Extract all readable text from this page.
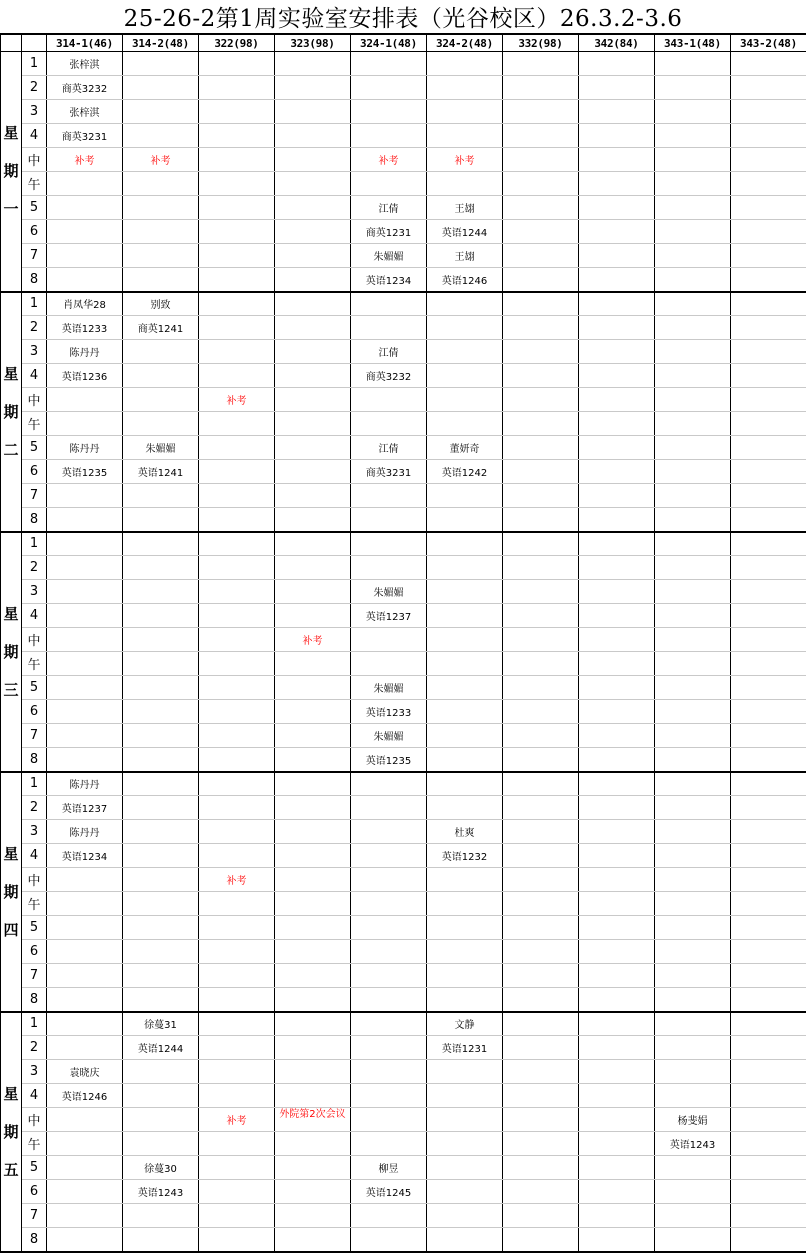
25-26-2第1周实验室安排表（光谷校区）26.3.2-3.6
		314-1(46)	314-2(48)	322(98)	323(98)	324-1(48)	324-2(48)	332(98)	342(84)	343-1(48)	343-2(48)

星
期
一	1	张梓淇									
	2	商英3232									
	3	张梓淇									
	4	商英3231									
	中	补考	补考			补考	补考				
	午										
	5					江倩	王翃				
	6					商英1231	英语1244				
	7					朱媚媚	王翃				
	8					英语1234	英语1246				

星
期
二	1	肖凤华28	别致								
	2	英语1233	商英1241								
	3	陈丹丹				江倩					
	4	英语1236				商英3232					
	中			补考							
	午										
	5	陈丹丹	朱媚媚			江倩	董妍奇				
	6	英语1235	英语1241			商英3231	英语1242				
	7										
	8										

星
期
三	1										
	2										
	3					朱媚媚					
	4					英语1237					
	中				补考						
	午										
	5					朱媚媚					
	6					英语1233					
	7					朱媚媚					
	8					英语1235					

星
期
四	1	陈丹丹									
	2	英语1237									
	3	陈丹丹					杜爽				
	4	英语1234					英语1232				
	中			补考							
	午										
	5										
	6										
	7										
	8										

星
期
五	1		徐蔓31				文静				
	2		英语1244				英语1231				
	3	袁晓庆									
	4	英语1246									
	中			补考	外院第2次会议					杨斐娟	
	午									英语1243	
	5		徐蔓30			柳昱					
	6		英语1243			英语1245					
	7										
	8										
